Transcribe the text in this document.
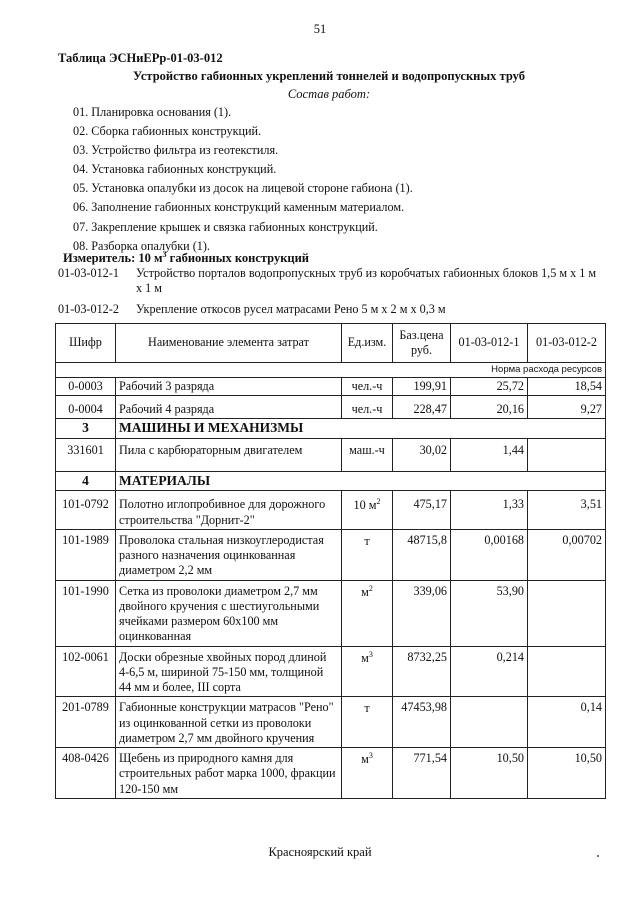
51
Таблица ЭСНиЕРр-01-03-012
Устройство габионных укреплений тоннелей и водопропускных труб
Состав работ:
01. Планировка основания (1).
02. Сборка габионных конструкций.
03. Устройство фильтра из геотекстиля.
04. Установка габионных конструкций.
05. Установка опалубки из досок на лицевой стороне габиона (1).
06. Заполнение габионных конструкций каменным материалом.
07. Закрепление крышек и связка габионных конструкций.
08. Разборка опалубки (1).
Измеритель: 10 $м^3$ габионных конструкций
01-03-012-1	Устройство порталов водопропускных труб из коробчатых габионных блоков 1,5 м х 1 м х 1 м
01-03-012-2	Укрепление откосов русел матрасами Рено 5 м х 2 м х 0,3 м
Шифр	Наименование элемента затрат	Ед.изм.	Баз.цена руб.	01-03-012-1	01-03-012-2
Норма расхода ресурсов					
0-0003	Рабочий 3 разряда	чел.-ч	199,91	25,72	18,54
0-0004	Рабочий 4 разряда	чел.-ч	228,47	20,16	9,27
3	МАШИНЫ И МЕХАНИЗМЫ				
331601	Пила с карбюраторным двигателем	маш.-ч	30,02	1,44	
4	МАТЕРИАЛЫ				
101-0792	Полотно иглопробивное для дорожного строительства "Дорнит-2"	10 $м^2$	475,17	1,33	3,51
101-1989	Проволока стальная низкоуглеродистая разного назначения оцинкованная диаметром 2,2 мм	т	48715,8	0,00168	0,00702
101-1990	Сетка из проволоки диаметром 2,7 мм двойного кручения с шестиугольными ячейками размером 60х100 мм оцинкованная	$м^2$	339,06	53,90	
102-0061	Доски обрезные хвойных пород длиной 4-6,5 м, шириной 75-150 мм, толщиной 44 мм и более, III сорта	$м^3$	8732,25	0,214	
201-0789	Габионные конструкции матрасов "Рено" из оцинкованной сетки из проволоки диаметром 2,7 мм двойного кручения	т	47453,98		0,14
408-0426	Щебень из природного камня для строительных работ марка 1000, фракции 120-150 мм	$м^3$	771,54	10,50	10,50
Красноярский край
